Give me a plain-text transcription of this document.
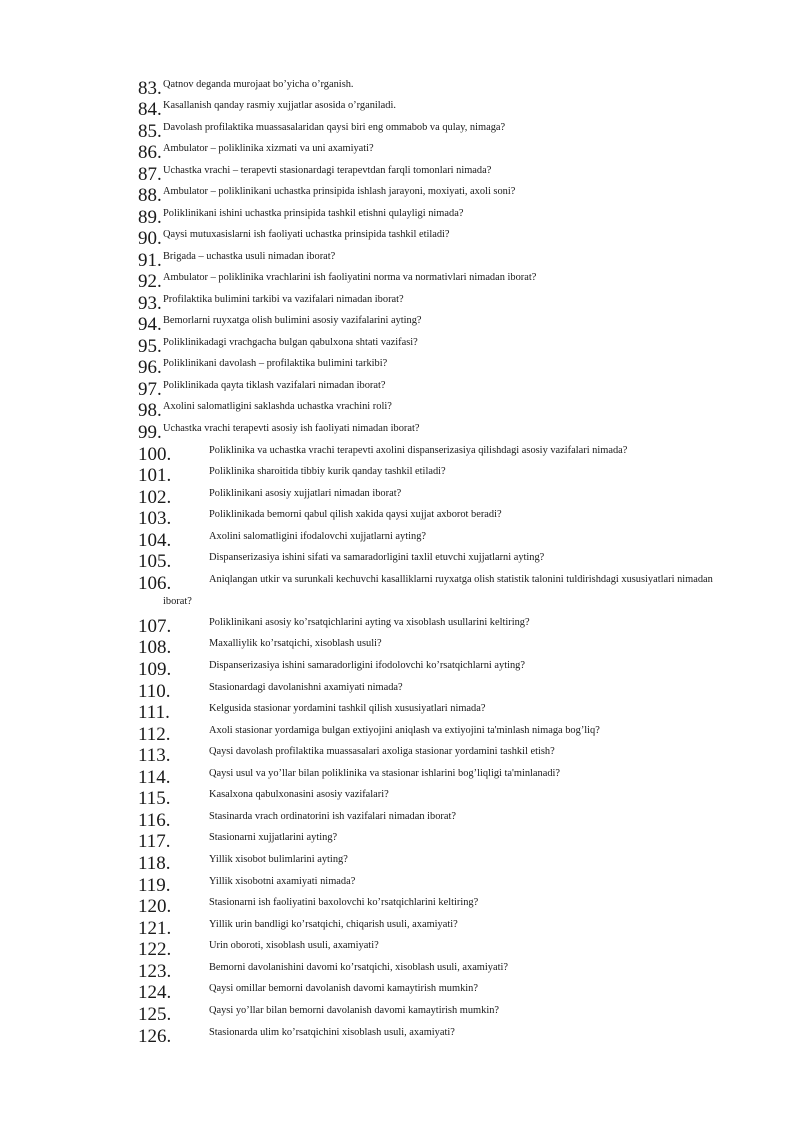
83. Qatnov deganda murojaat bo’yicha o’rganish.
84. Kasallanish qanday rasmiy xujjatlar asosida o’rganiladi.
85. Davolash profilaktika muassasalaridan qaysi biri eng ommabob va qulay, nimaga?
86. Ambulator – poliklinika xizmati va uni axamiyati?
87. Uchastka vrachi – terapevti stasionardagi terapevtdan farqli tomonlari nimada?
88. Ambulator – poliklinikani uchastka prinsipida ishlash jarayoni, moxiyati, axoli soni?
89. Poliklinikani ishini uchastka prinsipida tashkil etishni qulayligi nimada?
90. Qaysi mutuxasislarni ish faoliyati uchastka prinsipida tashkil etiladi?
91. Brigada – uchastka usuli nimadan iborat?
92. Ambulator – poliklinika vrachlarini ish faoliyatini norma va normativlari nimadan iborat?
93. Profilaktika bulimini tarkibi va vazifalari nimadan iborat?
94. Bemorlarni ruyxatga olish bulimini asosiy vazifalarini ayting?
95. Poliklinikadagi vrachgacha bulgan qabulxona shtati vazifasi?
96. Poliklinikani davolash – profilaktika bulimini tarkibi?
97. Poliklinikada qayta tiklash vazifalari nimadan iborat?
98. Axolini salomatligini saklashda uchastka vrachini roli?
99. Uchastka vrachi terapevti asosiy ish faoliyati nimadan iborat?
100.	Poliklinika va uchastka vrachi terapevti axolini dispanserizasiya qilishdagi asosiy vazifalari nimada?
101.	Poliklinika sharoitida tibbiy kurik qanday tashkil etiladi?
102.	Poliklinikani asosiy xujjatlari nimadan iborat?
103.	Poliklinikada bemorni qabul qilish xakida qaysi xujjat axborot beradi?
104.	Axolini salomatligini ifodalovchi xujjatlarni ayting?
105.	Dispanserizasiya ishini sifati va samaradorligini taxlil etuvchi xujjatlarni ayting?
106.	Aniqlangan utkir va surunkali kechuvchi kasalliklarni ruyxatga olish statistik talonini tuldirishdagi xususiyatlari nimadan
iborat?
107.	Poliklinikani asosiy ko’rsatqichlarini ayting va xisoblash usullarini keltiring?
108.	Maxalliylik ko’rsatqichi, xisoblash usuli?
109.	Dispanserizasiya ishini samaradorligini ifodolovchi ko’rsatqichlarni ayting?
110.	Stasionardagi davolanishni axamiyati nimada?
111.	Kelgusida stasionar yordamini tashkil qilish xususiyatlari nimada?
112.	Axoli stasionar yordamiga bulgan extiyojini aniqlash va extiyojini ta'minlash nimaga bog’liq?
113.	Qaysi davolash profilaktika muassasalari axoliga stasionar yordamini tashkil etish?
114.	Qaysi usul va yo’llar bilan poliklinika va stasionar ishlarini bog’liqligi ta'minlanadi?
115.	Kasalxona qabulxonasini asosiy vazifalari?
116.	Stasinarda vrach ordinatorini ish vazifalari nimadan iborat?
117.	Stasionarni xujjatlarini ayting?
118.	Yillik xisobot bulimlarini ayting?
119.	Yillik xisobotni axamiyati nimada?
120.	Stasionarni ish faoliyatini baxolovchi ko’rsatqichlarini keltiring?
121.	Yillik urin bandligi ko’rsatqichi, chiqarish usuli, axamiyati?
122.	Urin oboroti, xisoblash usuli, axamiyati?
123.	Bemorni davolanishini davomi ko’rsatqichi, xisoblash usuli, axamiyati?
124.	Qaysi omillar bemorni davolanish davomi kamaytirish mumkin?
125.	Qaysi yo’llar bilan bemorni davolanish davomi kamaytirish mumkin?
126.	Stasionarda ulim ko’rsatqichini xisoblash usuli, axamiyati?
